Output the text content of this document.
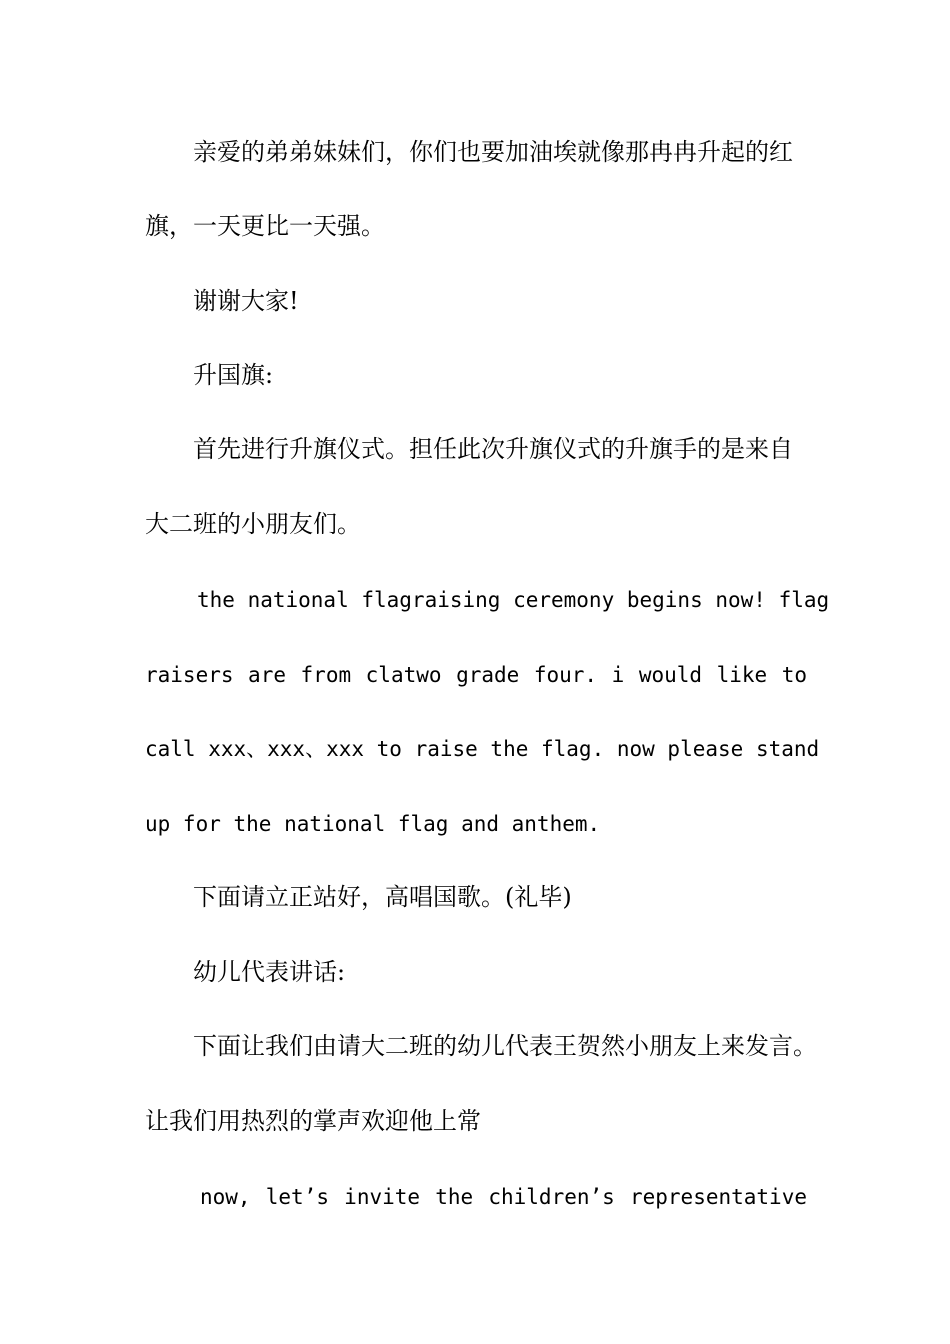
亲爱的弟弟妹妹们，你们也要加油埃就像那冉冉升起的红
旗，一天更比一天强。
谢谢大家!
升国旗:
首先进行升旗仪式。担任此次升旗仪式的升旗手的是来自
大二班的小朋友们。
the national flagraising ceremony begins now! flag
raisers are from clatwo grade four. i would like to
call xxx、xxx、xxx to raise the flag. now please stand
up for the national flag and anthem.
下面请立正站好，高唱国歌。(礼毕)
幼儿代表讲话:
下面让我们由请大二班的幼儿代表王贺然小朋友上来发言。
让我们用热烈的掌声欢迎他上常
now, let’s invite the children’s representative
